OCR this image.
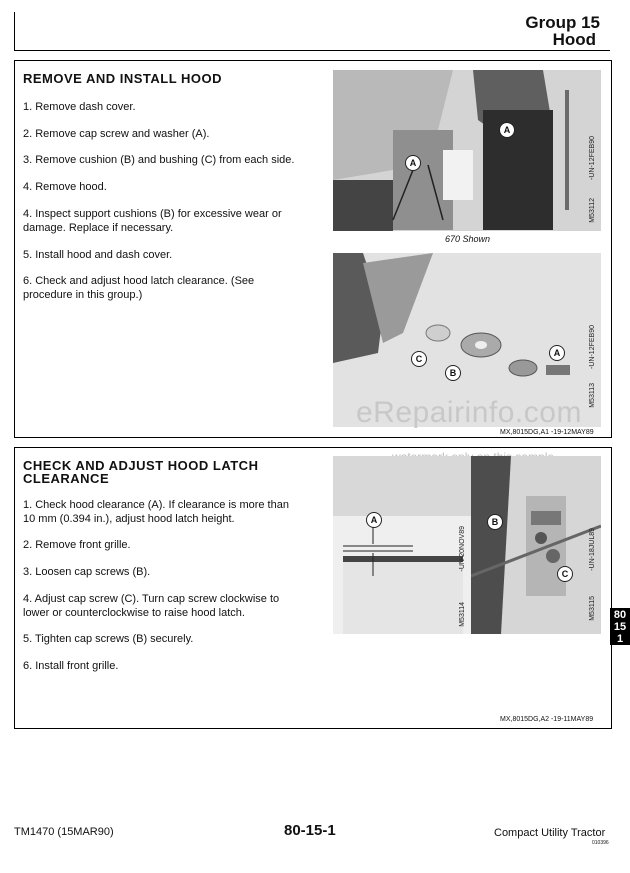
Group 15
Hood
REMOVE AND INSTALL HOOD
1. Remove dash cover.
2. Remove cap screw and washer (A).
3. Remove cushion (B) and bushing (C) from each side.
4. Remove hood.
4. Inspect support cushions (B) for excessive wear or
damage. Replace if necessary.
5. Install hood and dash cover.
6. Check and adjust hood latch clearance. (See
procedure in this group.)
A
A	-UN-12FEB90
M53112
670 Shown
C
B
A	-UN-12FEB90
M53113
MX,8015DG,A1 -19-12MAY89
eRepairinfo.com
CHECK AND ADJUST HOOD LATCH
CLEARANCE
1. Check hood clearance (A). If clearance is more than
10 mm (0.394 in.), adjust hood latch height.
2. Remove front grille.
3. Loosen cap screws (B).
4. Adjust cap screw (C). Turn cap screw clockwise to
lower or counterclockwise to raise hood latch.
5. Tighten cap screws (B) securely.
6. Install front grille.
A
-UN-20NOV89
M53114
B
C
-UN-18JUL89
M53115
MX,8015DG,A2 -19-11MAY89
80
15
1
TM1470 (15MAR90)	80-15-1	Compact Utility Tractor
010396
